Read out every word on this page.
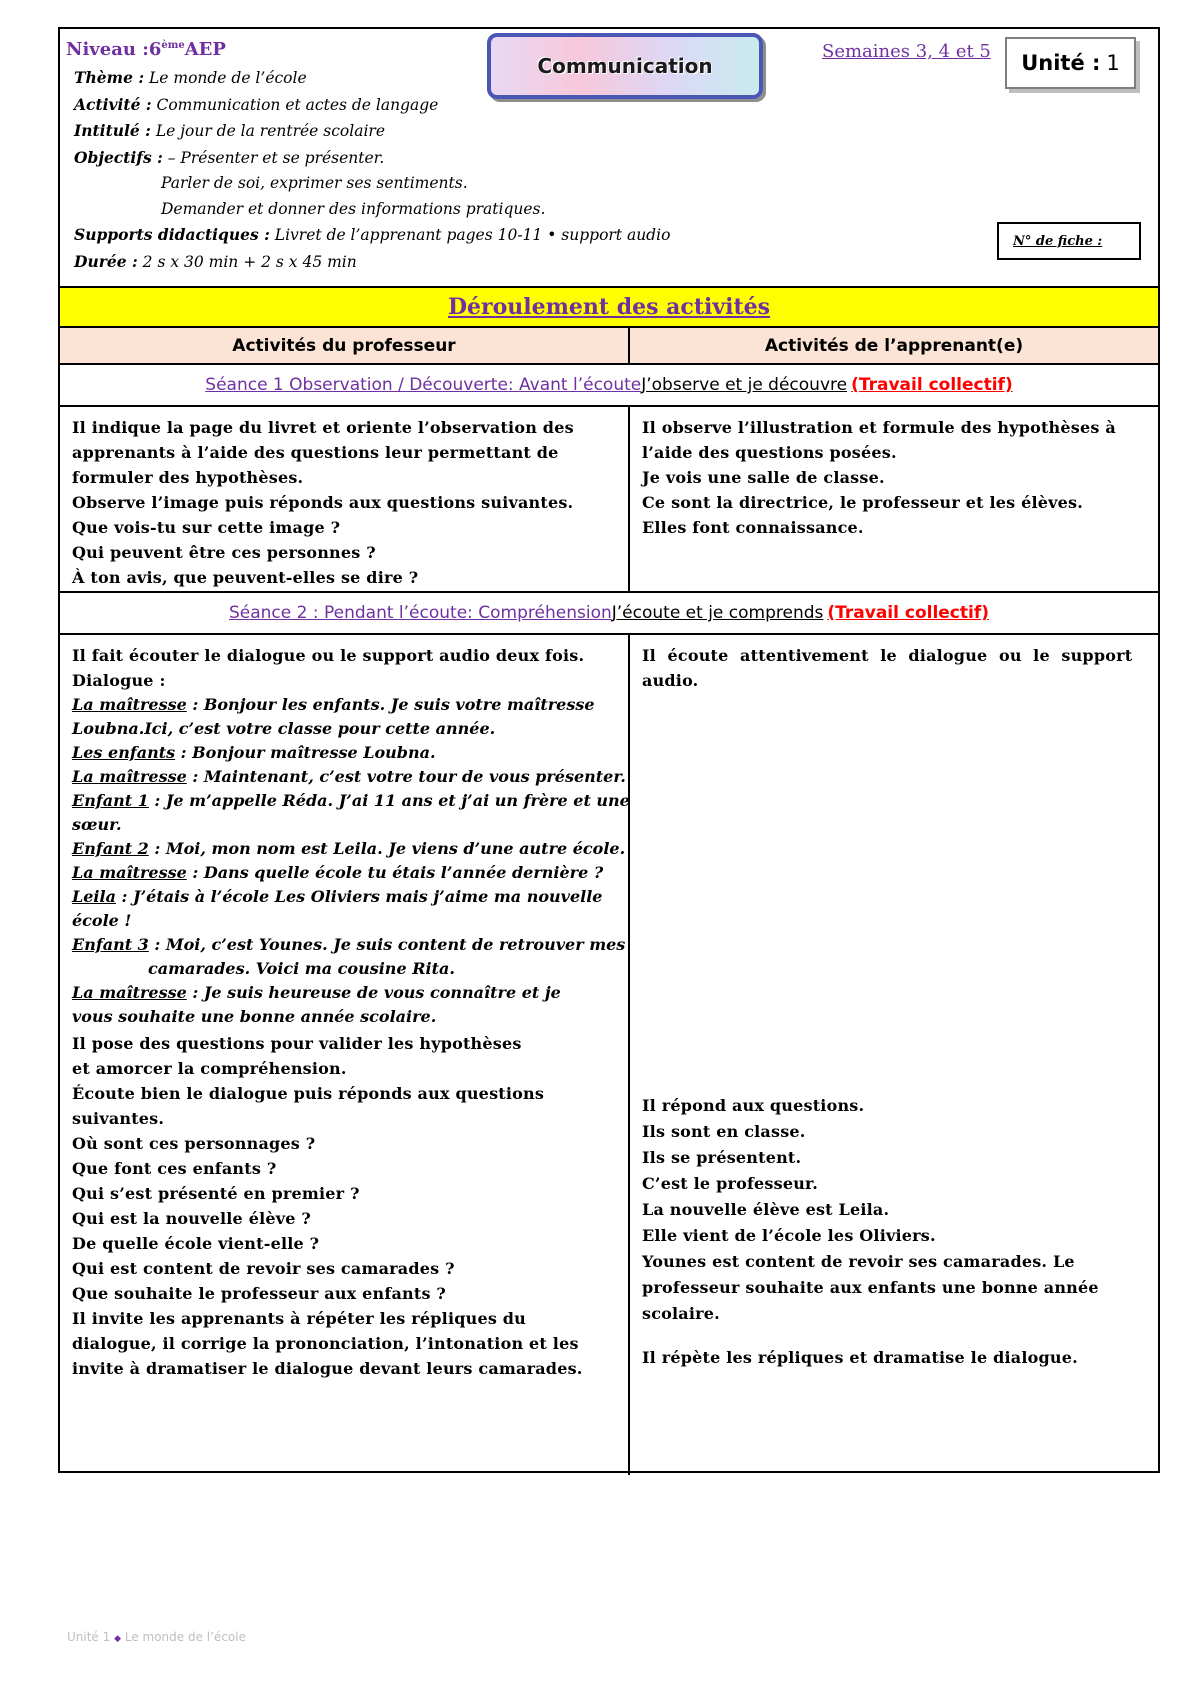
Niveau :6èmeAEP
Communication
Semaines 3, 4 et 5 Unité : 1
Thème : Le monde de l’école
Activité : Communication et actes de langage
Intitulé : Le jour de la rentrée scolaire
Objectifs : – Présenter et se présenter.
Parler de soi, exprimer ses sentiments.
Demander et donner des informations pratiques.
Supports didactiques : Livret de l’apprenant pages 10-11 • support audio
Durée : 2 s x 30 min + 2 s x 45 min
N° de fiche :
Déroulement des activités
Activités du professeur	Activités de l’apprenant(e)
Séance 1 Observation / Découverte: Avant l’écoute J’observe et je découvre (Travail collectif)
Il indique la page du livret et oriente l’observation des
apprenants à l’aide des questions leur permettant de
formuler des hypothèses.
Observe l’image puis réponds aux questions suivantes.
Que vois-tu sur cette image ?
Qui peuvent être ces personnes ?
À ton avis, que peuvent-elles se dire ?
Il observe l’illustration et formule des hypothèses à
l’aide des questions posées.
Je vois une salle de classe.
Ce sont la directrice, le professeur et les élèves.
Elles font connaissance.
Séance 2 : Pendant l’écoute: Compréhension J’écoute et je comprends (Travail collectif)
Il fait écouter le dialogue ou le support audio deux fois.
Dialogue :
La maîtresse : Bonjour les enfants. Je suis votre maîtresse
Loubna.Ici, c’est votre classe pour cette année.
Les enfants : Bonjour maîtresse Loubna.
La maîtresse : Maintenant, c’est votre tour de vous présenter.
Enfant 1 : Je m’appelle Réda. J’ai 11 ans et j’ai un frère et une
sœur.
Enfant 2 : Moi, mon nom est Leila. Je viens d’une autre école.
La maîtresse : Dans quelle école tu étais l’année dernière ?
Leila : J’étais à l’école Les Oliviers mais j’aime ma nouvelle
école !
Enfant 3 : Moi, c’est Younes. Je suis content de retrouver mes
camarades. Voici ma cousine Rita.
La maîtresse : Je suis heureuse de vous connaître et je
vous souhaite une bonne année scolaire.
Il pose des questions pour valider les hypothèses
et amorcer la compréhension.
Écoute bien le dialogue puis réponds aux questions
suivantes.
Où sont ces personnages ?
Que font ces enfants ?
Qui s’est présenté en premier ?
Qui est la nouvelle élève ?
De quelle école vient-elle ?
Qui est content de revoir ses camarades ?
Que souhaite le professeur aux enfants ?
Il invite les apprenants à répéter les répliques du
dialogue, il corrige la prononciation, l’intonation et les
invite à dramatiser le dialogue devant leurs camarades.
Il  écoute  attentivement  le  dialogue  ou  le  support
audio.
Il répond aux questions.
Ils sont en classe.
Ils se présentent.
C’est le professeur.
La nouvelle élève est Leila.
Elle vient de l’école les Oliviers.
Younes est content de revoir ses camarades. Le
professeur souhaite aux enfants une bonne année
scolaire.
Il répète les répliques et dramatise le dialogue.
Unité 1 ◆ Le monde de l’école
